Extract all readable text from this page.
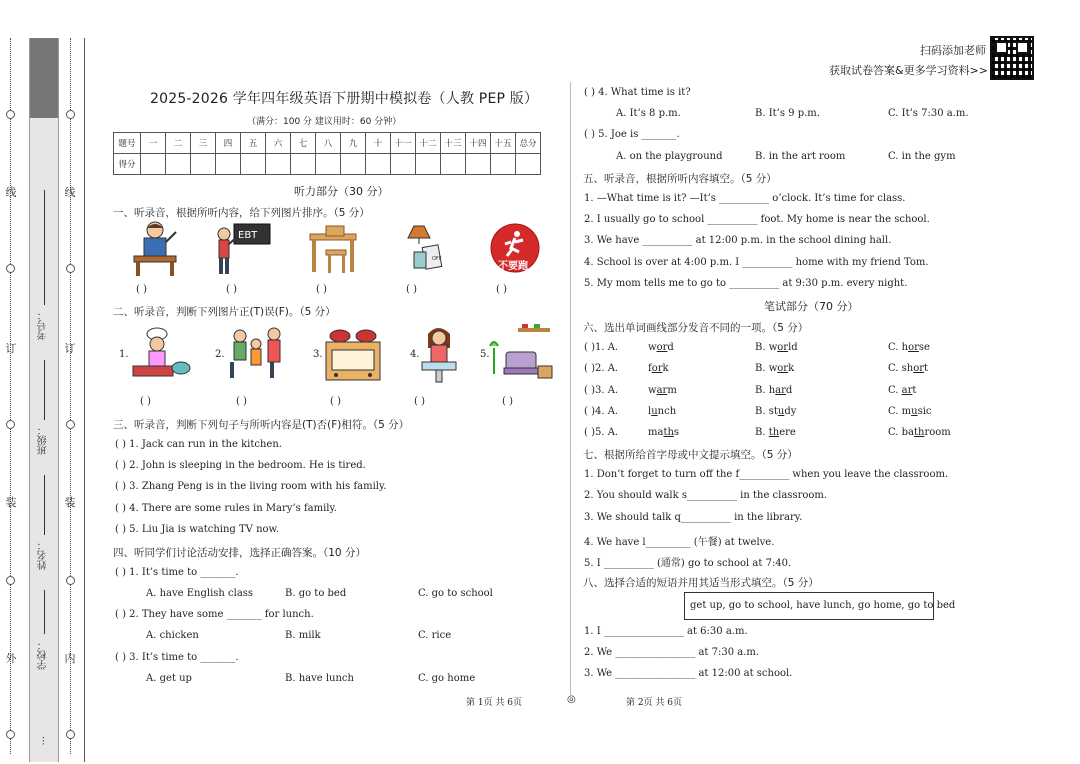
外
装
订
线
内
装
订
线
学校：
姓名：
班级：
考号：
...
扫码添加老师
获取试卷答案&更多学习资料>>
2025-2026 学年四年级英语下册期中模拟卷（人教 PEP 版）
（满分：100 分 建议用时：60 分钟）
题号	一	二	三	四	五	六	七	八	九	十	十一	十二	十三	十四	十五	总分
得分																
听力部分（30 分）
一、听录音，根据所听内容，给下列图片排序。（5 分）
EBT
OFF
不要跑
( )	( )	( )	( )	( )
二、听录音，判断下列图片正(T)误(F)。（5 分）
1.	2.	3.	4.	5.
( )	( )	( )	( )	( )
三、听录音，判断下列句子与所听内容是(T)否(F)相符。（5 分）
( ) 1. Jack can run in the kitchen.
( ) 2. John is sleeping in the bedroom. He is tired.
( ) 3. Zhang Peng is in the living room with his family.
( ) 4. There are some rules in Mary’s family.
( ) 5. Liu Jia is watching TV now.
四、听同学们讨论活动安排，选择正确答案。（10 分）
( ) 1. It’s time to _______.
A. have English class	B. go to bed	C. go to school
( ) 2. They have some _______ for lunch.
A. chicken	B. milk	C. rice
( ) 3. It’s time to _______.
A. get up	B. have lunch	C. go home
第 1页 共 6页	◎	第 2页 共 6页
( ) 4. What time is it?
A. It’s 8 p.m.	B. It’s 9 p.m.	C. It’s 7:30 a.m.
( ) 5. Joe is _______.
A. on the playground	B. in the art room	C. in the gym
五、听录音，根据所听内容填空。（5 分）
1. —What time is it? —It’s __________ o’clock. It’s time for class.
2. I usually go to school __________ foot. My home is near the school.
3. We have __________ at 12:00 p.m. in the school dining hall.
4. School is over at 4:00 p.m. I __________ home with my friend Tom.
5. My mom tells me to go to __________ at 9:30 p.m. every night.
笔试部分（70 分）
六、选出单词画线部分发音不同的一项。（5 分）
( )1. A.	word	B. world	C. horse
( )2. A.	fork	B. work	C. short
( )3. A.	warm	B. hard	C. art
( )4. A.	lunch	B. study	C. music
( )5. A.	maths	B. there	C. bathroom
七、根据所给首字母或中文提示填空。（5 分）
1. Don’t forget to turn off the f__________ when you leave the classroom.
2. You should walk s__________ in the classroom.
3. We should talk q__________ in the library.
4. We have l_________ (午餐) at twelve.
5. I __________ (通常) go to school at 7:40.
八、选择合适的短语并用其适当形式填空。（5 分）
get up, go to school, have lunch, go home, go to bed
1. I ________________ at 6:30 a.m.
2. We ________________ at 7:30 a.m.
3. We ________________ at 12:00 at school.
